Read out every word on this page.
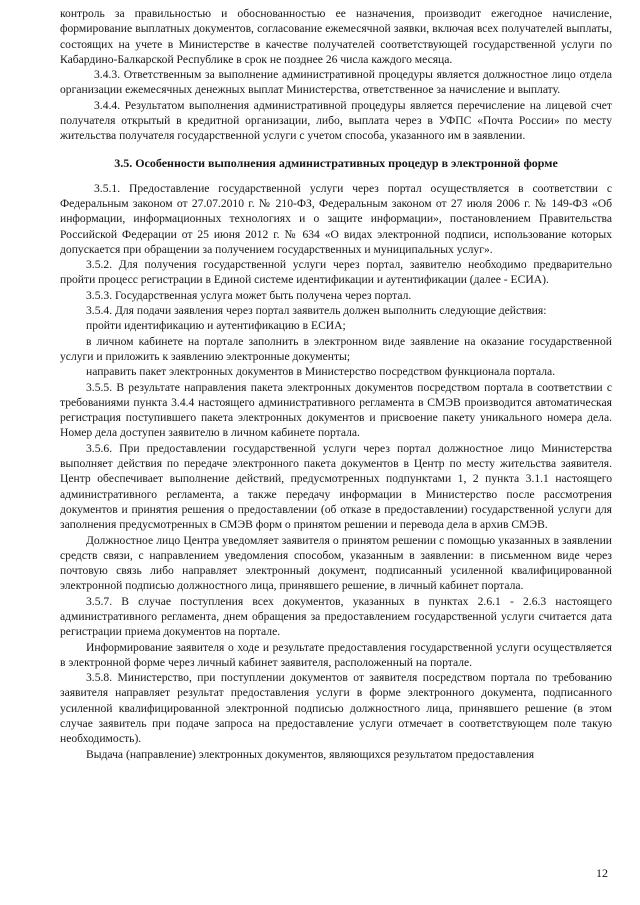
контроль за правильностью и обоснованностью ее назначения, производит ежегодное начисление, формирование выплатных документов, согласование ежемесячной заявки, включая всех получателей выплаты, состоящих на учете в Министерстве в качестве получателей соответствующей государственной услуги по Кабардино-Балкарской Республике в срок не позднее 26 числа каждого месяца.

3.4.3. Ответственным за выполнение административной процедуры является должностное лицо отдела организации ежемесячных денежных выплат Министерства, ответственное за начисление и выплату.

3.4.4. Результатом выполнения административной процедуры является перечисление на лицевой счет получателя открытый в кредитной организации, либо, выплата через в УФПС «Почта России» по месту жительства получателя государственной услуги с учетом способа, указанного им в заявлении.

3.5. Особенности выполнения административных процедур в электронной форме

3.5.1. Предоставление государственной услуги через портал осуществляется в соответствии с Федеральным законом от 27.07.2010 г. № 210-ФЗ, Федеральным законом от 27 июля 2006 г. № 149-ФЗ «Об информации, информационных технологиях и о защите информации», постановлением Правительства Российской Федерации от 25 июня 2012 г. № 634 «О видах электронной подписи, использование которых допускается при обращении за получением государственных и муниципальных услуг».

3.5.2. Для получения государственной услуги через портал, заявителю необходимо предварительно пройти процесс регистрации в Единой системе идентификации и аутентификации (далее - ЕСИА).

3.5.3. Государственная услуга может быть получена через портал.

3.5.4. Для подачи заявления через портал заявитель должен выполнить следующие действия:

пройти идентификацию и аутентификацию в ЕСИА;

в личном кабинете на портале заполнить в электронном виде заявление на оказание государственной услуги и приложить к заявлению электронные документы;

направить пакет электронных документов в Министерство посредством функционала портала.

3.5.5. В результате направления пакета электронных документов посредством портала в соответствии с требованиями пункта 3.4.4 настоящего административного регламента в СМЭВ производится автоматическая регистрация поступившего пакета электронных документов и присвоение пакету уникального номера дела. Номер дела доступен заявителю в личном кабинете портала.

3.5.6. При предоставлении государственной услуги через портал должностное лицо Министерства выполняет действия по передаче электронного пакета документов в Центр по месту жительства заявителя. Центр обеспечивает выполнение действий, предусмотренных подпунктами 1, 2 пункта 3.1.1 настоящего административного регламента, а также передачу информации в Министерство после рассмотрения документов и принятия решения о предоставлении (об отказе в предоставлении) государственной услуги для заполнения предусмотренных в СМЭВ форм о принятом решении и перевода дела в архив СМЭВ.

Должностное лицо Центра уведомляет заявителя о принятом решении с помощью указанных в заявлении средств связи, с направлением уведомления способом, указанным в заявлении: в письменном виде через почтовую связь либо направляет электронный документ, подписанный усиленной квалифицированной электронной подписью должностного лица, принявшего решение, в личный кабинет портала.

3.5.7. В случае поступления всех документов, указанных в пунктах 2.6.1 - 2.6.3 настоящего административного регламента, днем обращения за предоставлением государственной услуги считается дата регистрации приема документов на портале.

Информирование заявителя о ходе и результате предоставления государственной услуги осуществляется в электронной форме через личный кабинет заявителя, расположенный на портале.

3.5.8. Министерство, при поступлении документов от заявителя посредством портала по требованию заявителя направляет результат предоставления услуги в форме электронного документа, подписанного усиленной квалифицированной электронной подписью должностного лица, принявшего решение (в этом случае заявитель при подаче запроса на предоставление услуги отмечает в соответствующем поле такую необходимость).

Выдача (направление) электронных документов, являющихся результатом предоставления

12
